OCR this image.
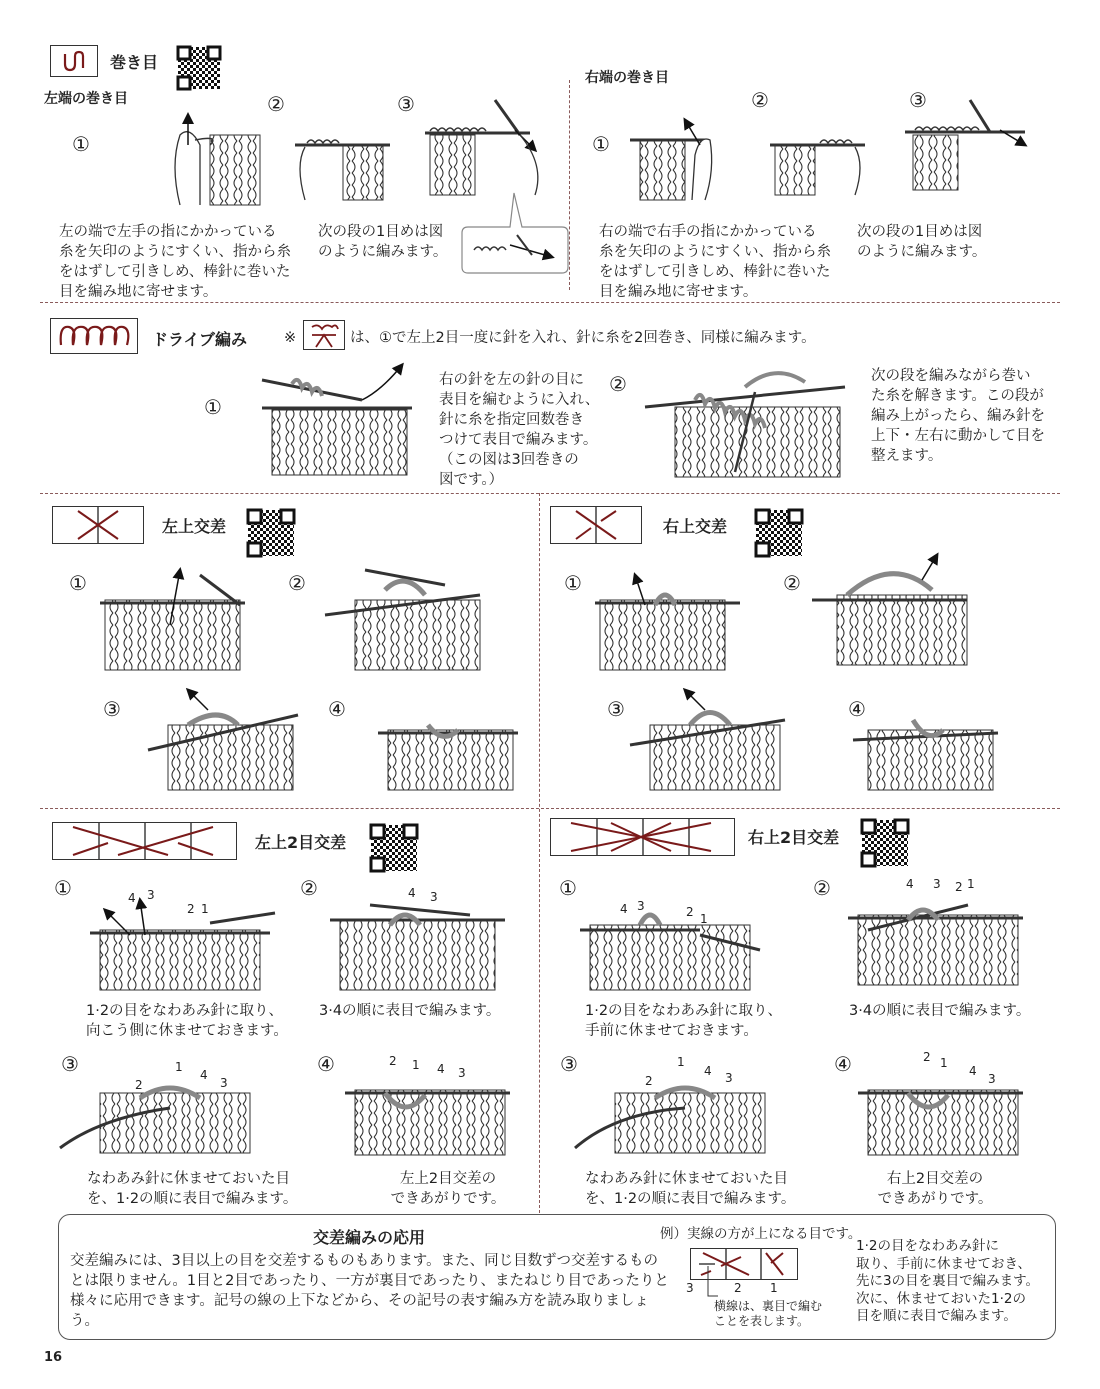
巻き目
左端の巻き目
①
②	③
左の端で左手の指にかかっている
糸を矢印のようにすくい、指から糸
をはずして引きしめ、棒針に巻いた
目を編み地に寄せます。
次の段の1目めは図
のように編みます。
右端の巻き目
①
②	③
右の端で右手の指にかかっている
糸を矢印のようにすくい、指から糸
をはずして引きしめ、棒針に巻いた
目を編み地に寄せます。
次の段の1目めは図
のように編みます。
ドライブ編み	※	は、①で左上2目一度に針を入れ、針に糸を2回巻き、同様に編みます。
①
右の針を左の針の目に
表目を編むように入れ、
針に糸を指定回数巻き
つけて表目で編みます。
（この図は3回巻きの
図です。）
②	次の段を編みながら巻い
た糸を解きます。この段が
編み上がったら、編み針を
上下・左右に動かして目を
整えます。
左上交差	右上交差
①	②
③	④
①	②
③	④
左上2目交差	右上2目交差
①	②
③	④
4 3
2 1
4 3
1·2の目をなわあみ針に取り、
向こう側に休ませておきます。
3·4の順に表目で編みます。
1
2
4
3
2 1 4 3
なわあみ針に休ませておいた目
を、1·2の順に表目で編みます。
左上2目交差の
できあがりです。
①	②
③	④
4 3	2 1
4 3 2 1
1·2の目をなわあみ針に取り、
手前に休ませておきます。
3·4の順に表目で編みます。
1
2
4 3
2 1
4
3
なわあみ針に休ませておいた目
を、1·2の順に表目で編みます。
右上2目交差の
できあがりです。
交差編みの応用
交差編みには、3目以上の目を交差するものもあります。また、同じ目数ずつ交差するもの
とは限りません。1目と2目であったり、一方が裏目であったり、またねじり目であったりと
様々に応用できます。記号の線の上下などから、その記号の表す編み方を読み取りましょう。
例）実線の方が上になる目です。
3	2 1
横線は、裏目で編む
ことを表します。
1·2の目をなわあみ針に
取り、手前に休ませておき、
先に3の目を裏目で編みます。
次に、休ませておいた1·2の
目を順に表目で編みます。
16
